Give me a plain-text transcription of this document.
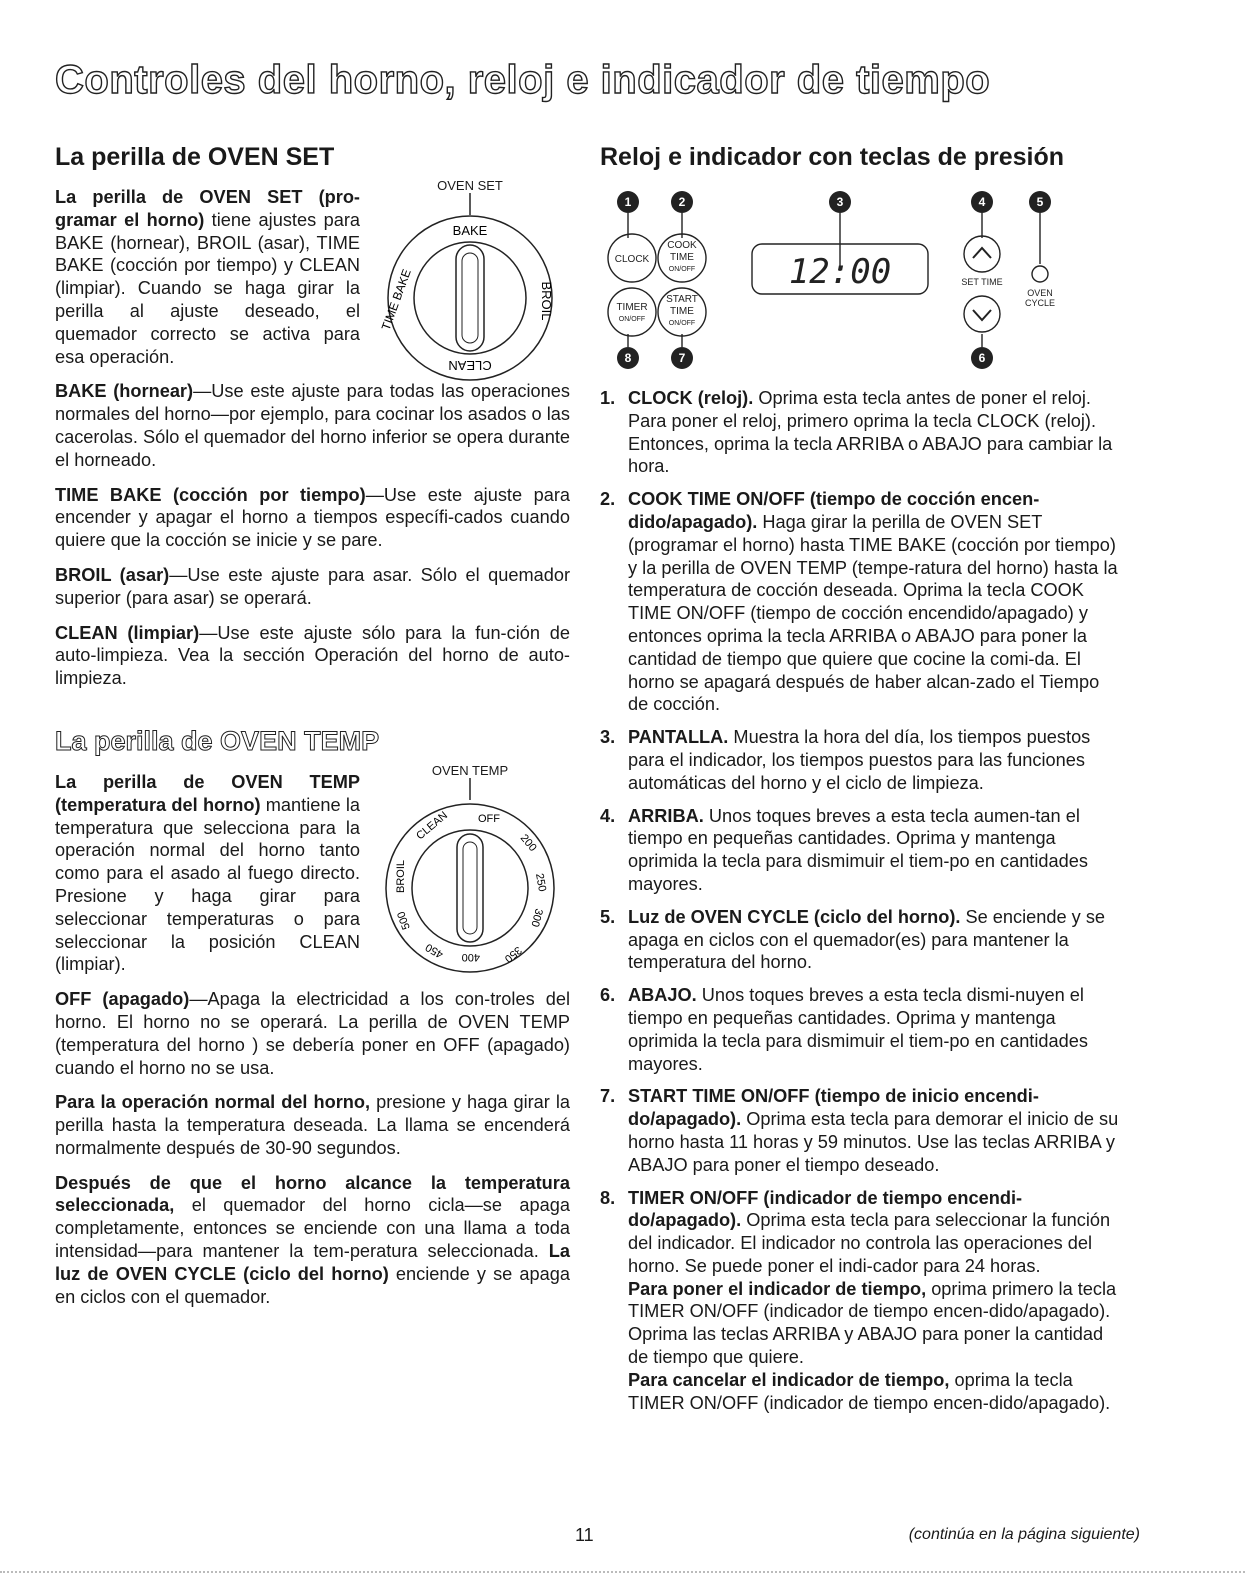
Controles del horno, reloj e indicador de tiempo
La perilla de OVEN SET

La perilla de OVEN SET (pro-gramar el horno) tiene ajustes para BAKE (hornear), BROIL (asar), TIME BAKE (cocción por tiempo) y CLEAN (limpiar). Cuando se haga girar la perilla al ajuste deseado, el quemador correcto se activa para esa operación.

OVEN SET
BAKE
BROIL
CLEAN
TIME BAKE

BAKE (hornear)—Use este ajuste para todas las operaciones normales del horno—por ejemplo, para cocinar los asados o las cacerolas. Sólo el quemador del horno inferior se opera durante el horneado.

TIME BAKE (cocción por tiempo)—Use este ajuste para encender y apagar el horno a tiempos específi-cados cuando quiere que la cocción se inicie y se pare.

BROIL (asar)—Use este ajuste para asar. Sólo el quemador superior (para asar) se operará.

CLEAN (limpiar)—Use este ajuste sólo para la fun-ción de auto-limpieza. Vea la sección Operación del horno de auto-limpieza.

La perilla de OVEN TEMP

La perilla de OVEN TEMP (temperatura del horno) mantiene la temperatura que selecciona para la operación normal del horno tanto como para el asado al fuego directo. Presione y haga girar para seleccionar temperaturas o para seleccionar la posición CLEAN (limpiar).

OVEN TEMP
OFF
200
250
300
350
400
450
500
BROIL
CLEAN

OFF (apagado)—Apaga la electricidad a los con-troles del horno. El horno no se operará. La perilla de OVEN TEMP (temperatura del horno ) se debería poner en OFF (apagado) cuando el horno no se usa.

Para la operación normal del horno, presione y haga girar la perilla hasta la temperatura deseada. La llama se encenderá normalmente después de 30-90 segundos.

Después de que el horno alcance la temperatura seleccionada, el quemador del horno cicla—se apaga completamente, entonces se enciende con una llama a toda intensidad—para mantener la tem-peratura seleccionada. La luz de OVEN CYCLE (ciclo del horno) enciende y se apaga en ciclos con el quemador.

Reloj e indicador con teclas de presión
1	2	3	4	5
6
7
8
CLOCK
COOK
TIME
ON/OFF
TIMER
ON/OFF
START
TIME
ON/OFF
SET TIME
OVEN
CYCLE
12:00
1. CLOCK (reloj). Oprima esta tecla antes de poner el reloj. Para poner el reloj, primero oprima la tecla CLOCK (reloj). Entonces, oprima la tecla ARRIBA o ABAJO para cambiar la hora.
2. COOK TIME ON/OFF (tiempo de cocción encen-dido/apagado). Haga girar la perilla de OVEN SET (programar el horno) hasta TIME BAKE (cocción por tiempo) y la perilla de OVEN TEMP (tempe-ratura del horno) hasta la temperatura de cocción deseada. Oprima la tecla COOK TIME ON/OFF (tiempo de cocción encendido/apagado) y entonces oprima la tecla ARRIBA o ABAJO para poner la cantidad de tiempo que quiere que cocine la comi-da. El horno se apagará después de haber alcan-zado el Tiempo de cocción.
3. PANTALLA. Muestra la hora del día, los tiempos puestos para el indicador, los tiempos puestos para las funciones automáticas del horno y el ciclo de limpieza.
4. ARRIBA. Unos toques breves a esta tecla aumen-tan el tiempo en pequeñas cantidades. Oprima y mantenga oprimida la tecla para dismimuir el tiem-po en cantidades mayores.
5. Luz de OVEN CYCLE (ciclo del horno). Se enciende y se apaga en ciclos con el quemador(es) para mantener la temperatura del horno.
6. ABAJO. Unos toques breves a esta tecla dismi-nuyen el tiempo en pequeñas cantidades. Oprima y mantenga oprimida la tecla para dismimuir el tiem-po en cantidades mayores.
7. START TIME ON/OFF (tiempo de inicio encendi-do/apagado). Oprima esta tecla para demorar el inicio de su horno hasta 11 horas y 59 minutos. Use las teclas ARRIBA y ABAJO para poner el tiempo deseado.
8. TIMER ON/OFF (indicador de tiempo encendi-do/apagado). Oprima esta tecla para seleccionar la función del indicador. El indicador no controla las operaciones del horno. Se puede poner el indi-cador para 24 horas.

Para poner el indicador de tiempo, oprima primero la tecla TIMER ON/OFF (indicador de tiempo encen-dido/apagado). Oprima las teclas ARRIBA y ABAJO para poner la cantidad de tiempo que quiere.

Para cancelar el indicador de tiempo, oprima la tecla TIMER ON/OFF (indicador de tiempo encen-dido/apagado).

11	(continúa en la página siguiente)
